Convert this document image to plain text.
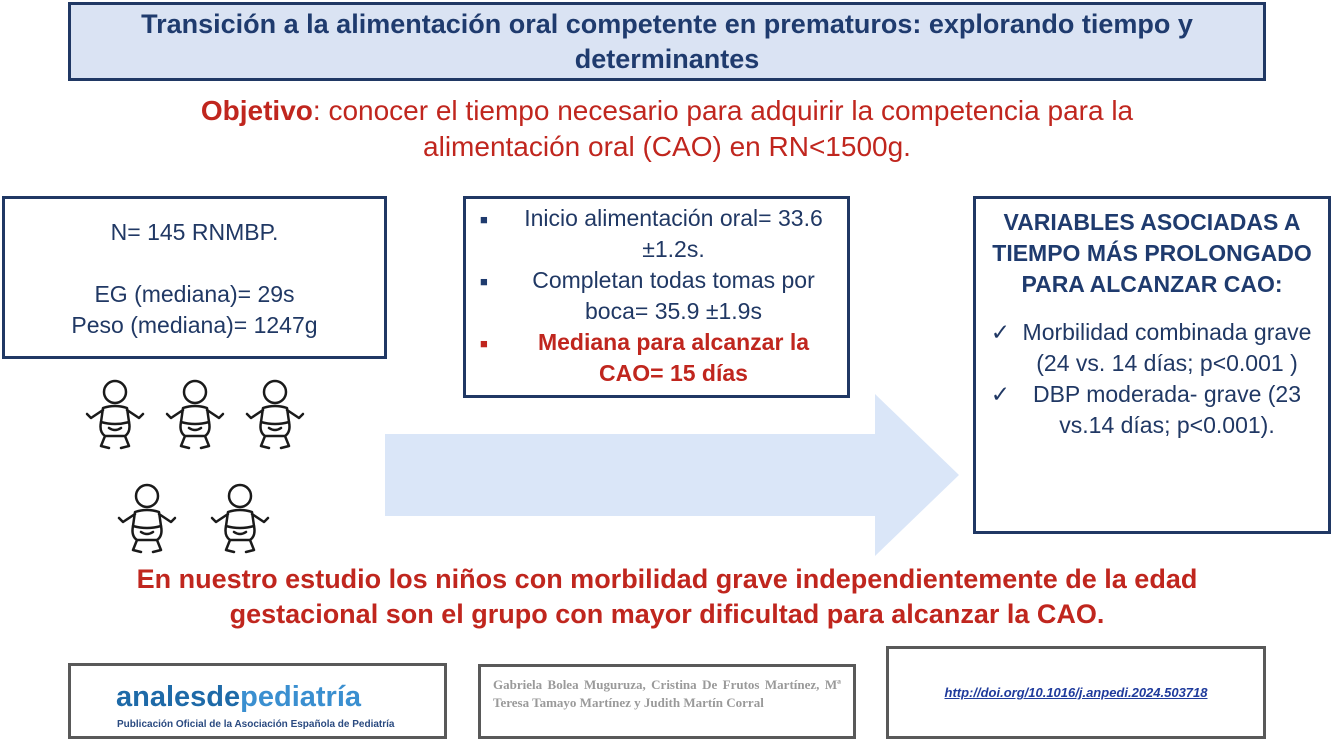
Transición a la alimentación oral competente en prematuros: explorando tiempo y determinantes
Objetivo: conocer el tiempo necesario para adquirir la competencia para la alimentación oral (CAO) en RN<1500g.
N= 145 RNMBP.
EG (mediana)= 29s
Peso (mediana)= 1247g
■	Inicio alimentación oral= 33.6 ±1.2s.
■	Completan todas tomas por boca= 35.9 ±1.9s
■	Mediana para alcanzar la CAO= 15 días
VARIABLES ASOCIADAS A TIEMPO MÁS PROLONGADO PARA ALCANZAR CAO:
✓ Morbilidad combinada grave (24 vs. 14 días; p<0.001 )
✓ DBP moderada- grave (23 vs.14 días; p<0.001).
En nuestro estudio los niños con morbilidad grave independientemente de la edad gestacional son el grupo con mayor dificultad para alcanzar la CAO.
analesdepediatría
Publicación Oficial de la Asociación Española de Pediatría
Gabriela Bolea Muguruza, Cristina De Frutos Martínez, Mª Teresa Tamayo Martínez y Judith Martín Corral
http://doi.org/10.1016/j.anpedi.2024.503718
